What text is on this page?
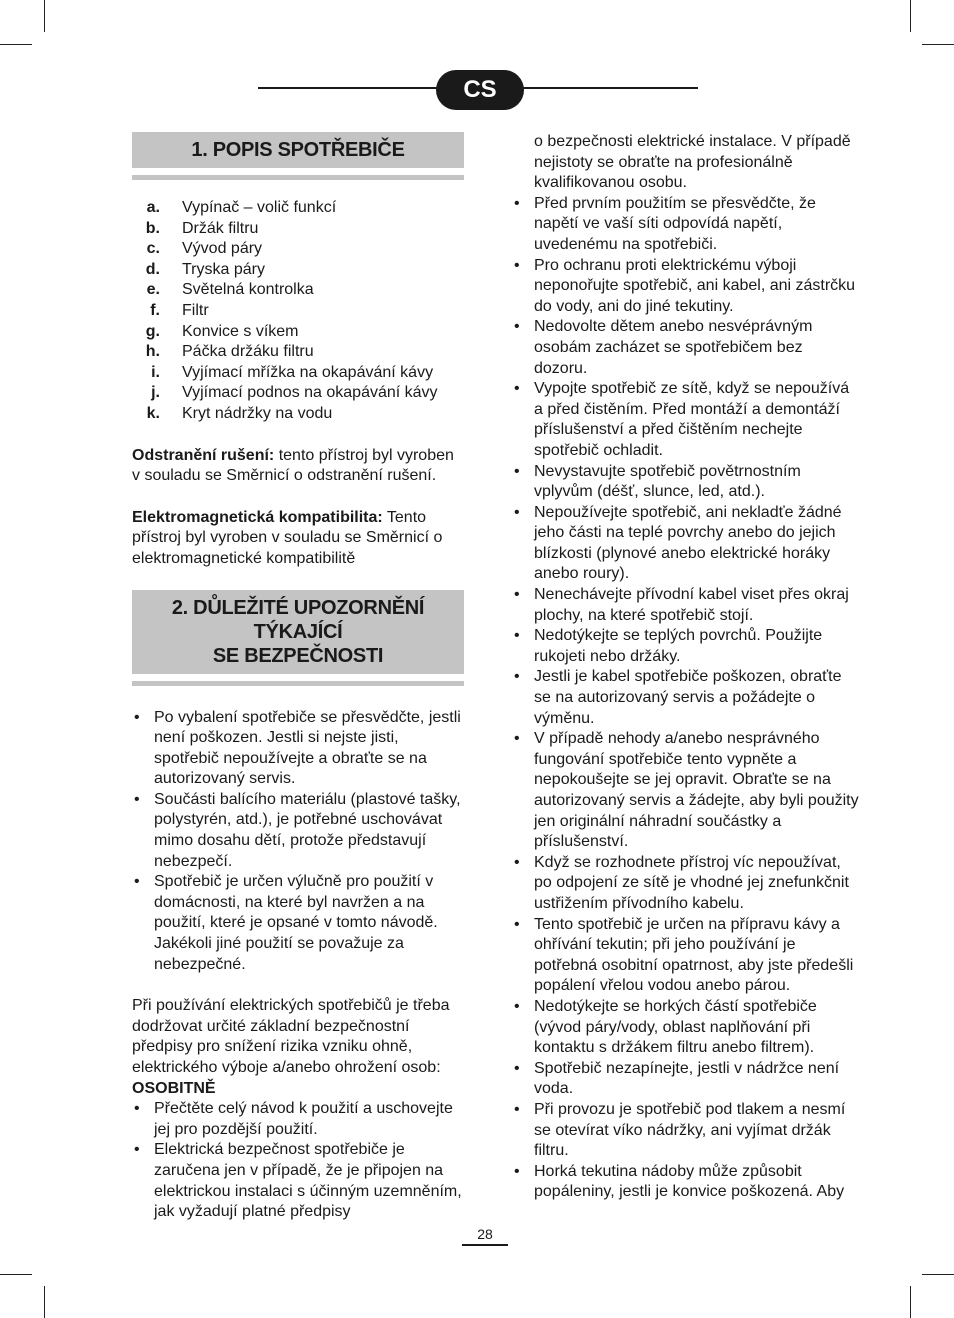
CS
1. POPIS SPOTŘEBIČE
a. Vypínač – volič funkcí
b. Držák filtru
c. Vývod páry
d. Tryska páry
e. Světelná kontrolka
f. Filtr
g. Konvice s víkem
h. Páčka držáku filtru
i. Vyjímací mřížka na okapávání kávy
j. Vyjímací podnos na okapávání kávy
k. Kryt nádržky na vodu

Odstranění rušení: tento přístroj byl vyroben v souladu se Směrnicí o odstranění rušení.

Elektromagnetická kompatibilita: Tento přístroj byl vyroben v souladu se Směrnicí o elektromagnetické kompatibilitě

2. DŮLEŽITÉ UPOZORNĚNÍ TÝKAJÍCÍ
SE BEZPEČNOSTI
• Po vybalení spotřebiče se přesvědčte, jestli není poškozen. Jestli si nejste jisti, spotřebič nepoužívejte a obraťte se na autorizovaný servis.
• Součásti balícího materiálu (plastové tašky, polystyrén, atd.), je potřebné uschovávat mimo dosahu dětí, protože představují nebezpečí.
• Spotřebič je určen výlučně pro použití v domácnosti, na které byl navržen a na použití, které je opsané v tomto návodě. Jakékoli jiné použití se považuje za nebezpečné.

Při používání elektrických spotřebičů je třeba dodržovat určité základní bezpečnostní předpisy pro snížení rizika vzniku ohně, elektrického výboje a/anebo ohrožení osob:

OSOBITNĚ

• Přečtěte celý návod k použití a uschovejte jej pro pozdější použití.
• Elektrická bezpečnost spotřebiče je zaručena jen v případě, že je připojen na elektrickou instalaci s účinným uzemněním, jak vyžadují platné předpisy

o bezpečnosti elektrické instalace. V případě nejistoty se obraťte na profesionálně kvalifikovanou osobu.

• Před prvním použitím se přesvědčte, že napětí ve vaší síti odpovídá napětí, uvedenému na spotřebiči.
• Pro ochranu proti elektrickému výboji neponořujte spotřebič, ani kabel, ani zástrčku do vody, ani do jiné tekutiny.
• Nedovolte dětem anebo nesvéprávným osobám zacházet se spotřebičem bez dozoru.
• Vypojte spotřebič ze sítě, když se nepoužívá a před čistěním. Před montáží a demontáží příslušenství a před čištěním nechejte spotřebič ochladit.
• Nevystavujte spotřebič povětrnostním vplyvům (déšť, slunce, led, atd.).
• Nepoužívejte spotřebič, ani nekladťe žádné jeho části na teplé povrchy anebo do jejich blízkosti (plynové anebo elektrické horáky anebo roury).
• Nenechávejte přívodní kabel viset přes okraj plochy, na které spotřebič stojí.
• Nedotýkejte se teplých povrchů. Použijte rukojeti nebo držáky.
• Jestli je kabel spotřebiče poškozen, obraťte se na autorizovaný servis a požádejte o výměnu.
• V případě nehody a/anebo nesprávného fungování spotřebiče tento vypněte a nepokoušejte se jej opravit. Obraťte se na autorizovaný servis a žádejte, aby byli použity jen originální náhradní součástky a příslušenství.
• Když se rozhodnete přístroj víc nepoužívat, po odpojení ze sítě je vhodné jej znefunkčnit ustřižením přívodního kabelu.
• Tento spotřebič je určen na přípravu kávy a ohřívání tekutin; při jeho používání je potřebná osobitní opatrnost, aby jste předešli popálení vřelou vodou anebo párou.
• Nedotýkejte se horkých částí spotřebiče (vývod páry/vody, oblast naplňování při kontaktu s držákem filtru anebo filtrem).
• Spotřebič nezapínejte, jestli v nádržce není voda.
• Při provozu je spotřebič pod tlakem a nesmí se otevírat víko nádržky, ani vyjímat držák filtru.
• Horká tekutina nádoby může způsobit popáleniny, jestli je konvice poškozená. Aby
28
